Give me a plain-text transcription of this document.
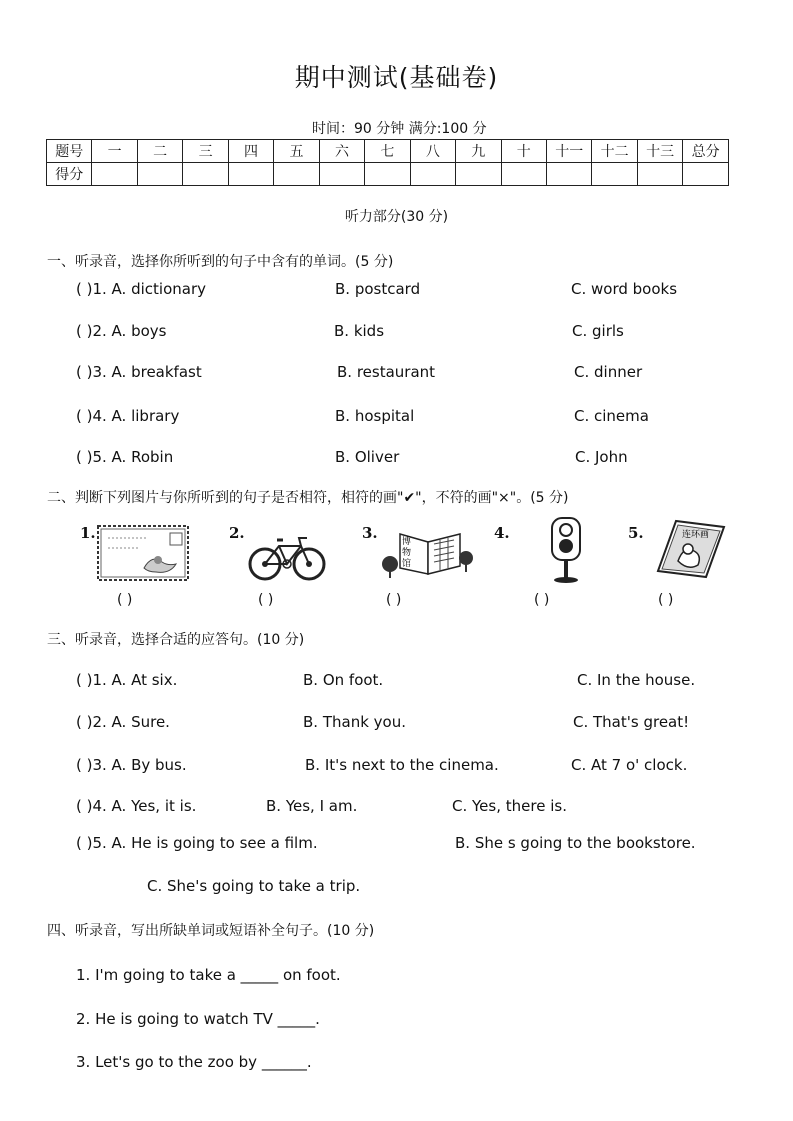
期中测试(基础卷)
时间：90 分钟 满分:100 分
题号	一	二	三	四	五	六	七	八	九	十	十一	十二	十三	总分
得分														
听力部分(30 分)
一、听录音，选择你所听到的句子中含有的单词。(5 分)
( )1. A. dictionary	B. postcard	C. word books
( )2. A. boys	B. kids	C. girls
( )3. A. breakfast	B. restaurant	C. dinner
( )4. A. library	B. hospital	C. cinema
( )5. A. Robin	B. Oliver	C. John
二、判断下列图片与你所听到的句子是否相符，相符的画"✔"，不符的画"×"。(5 分)
1.	2.	3.	博物馆
4.	5.	连环画
( )	( )	( )	( )	( )
三、听录音，选择合适的应答句。(10 分)
( )1. A. At six.	B. On foot.	C. In the house.
( )2. A. Sure.	B. Thank you.	C. That's great!
( )3. A. By bus.	B. It's next to the cinema.	C. At 7 o' clock.
( )4. A. Yes, it is.	B. Yes, I am.	C. Yes, there is.
( )5. A. He is going to see a film.	B. She s going to the bookstore.
C. She's going to take a trip.
四、听录音，写出所缺单词或短语补全句子。(10 分)
1. I'm going to take a _____ on foot.
2. He is going to watch TV _____.
3. Let's go to the zoo by ______.
